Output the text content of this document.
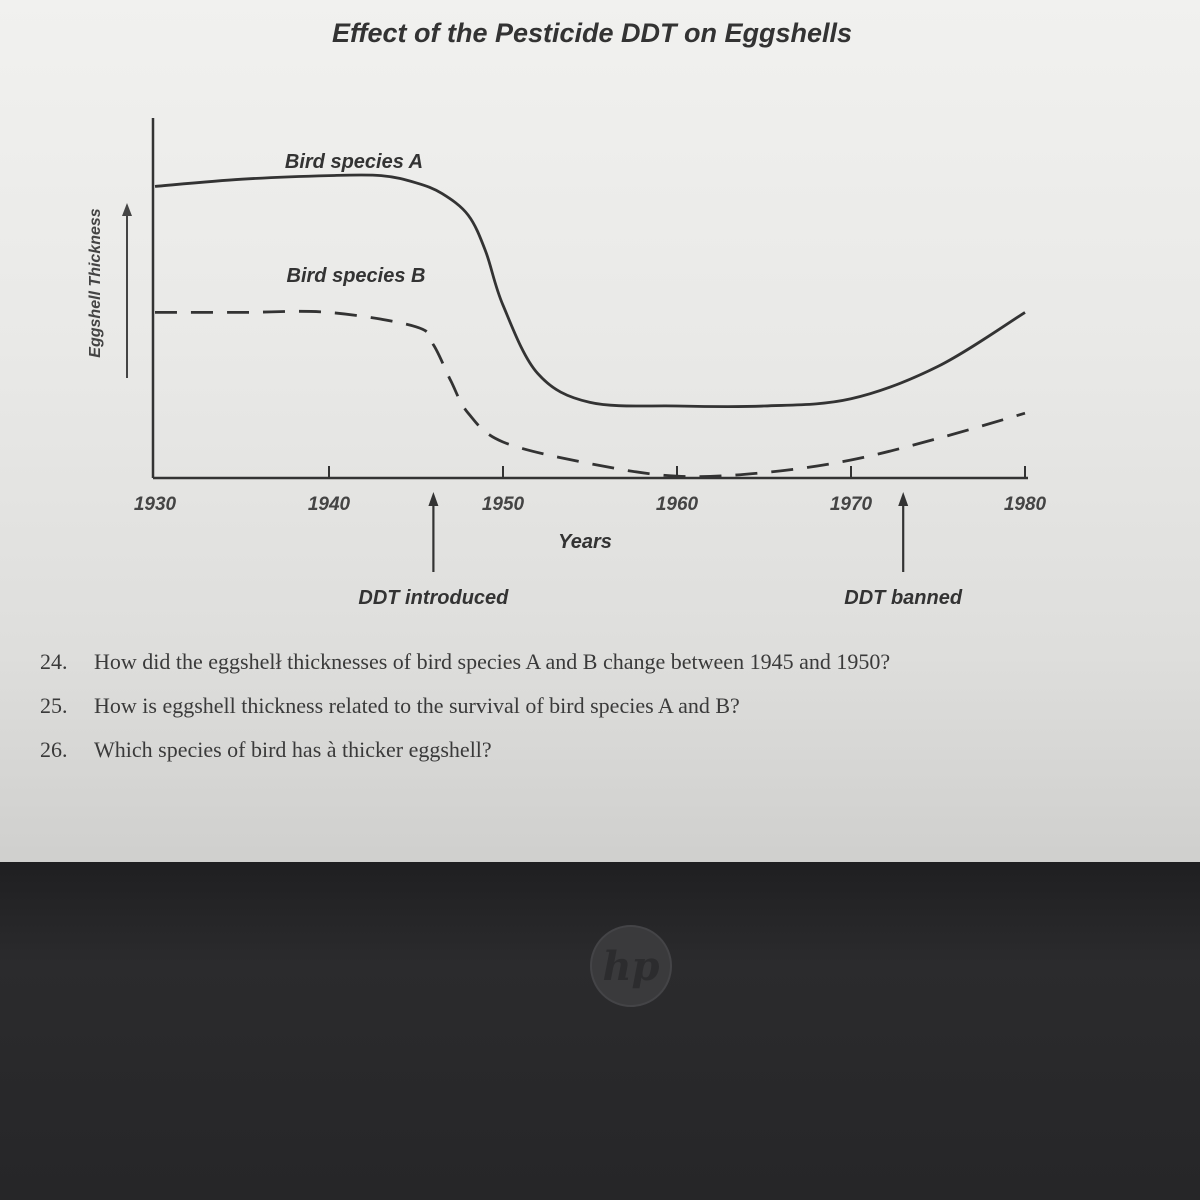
Effect of the Pesticide DDT on Eggshells
Eggshell Thickness
1930	1940	1950	1960	1970	1980
Bird species A
Bird species B
Years
DDT introduced	DDT banned
24. How did the eggshelł thicknesses of bird species A and B change between 1945 and 1950?
25. How is eggshell thickness related to the survival of bird species A and B?
26. Which species of bird has à thicker eggshell?
hp
